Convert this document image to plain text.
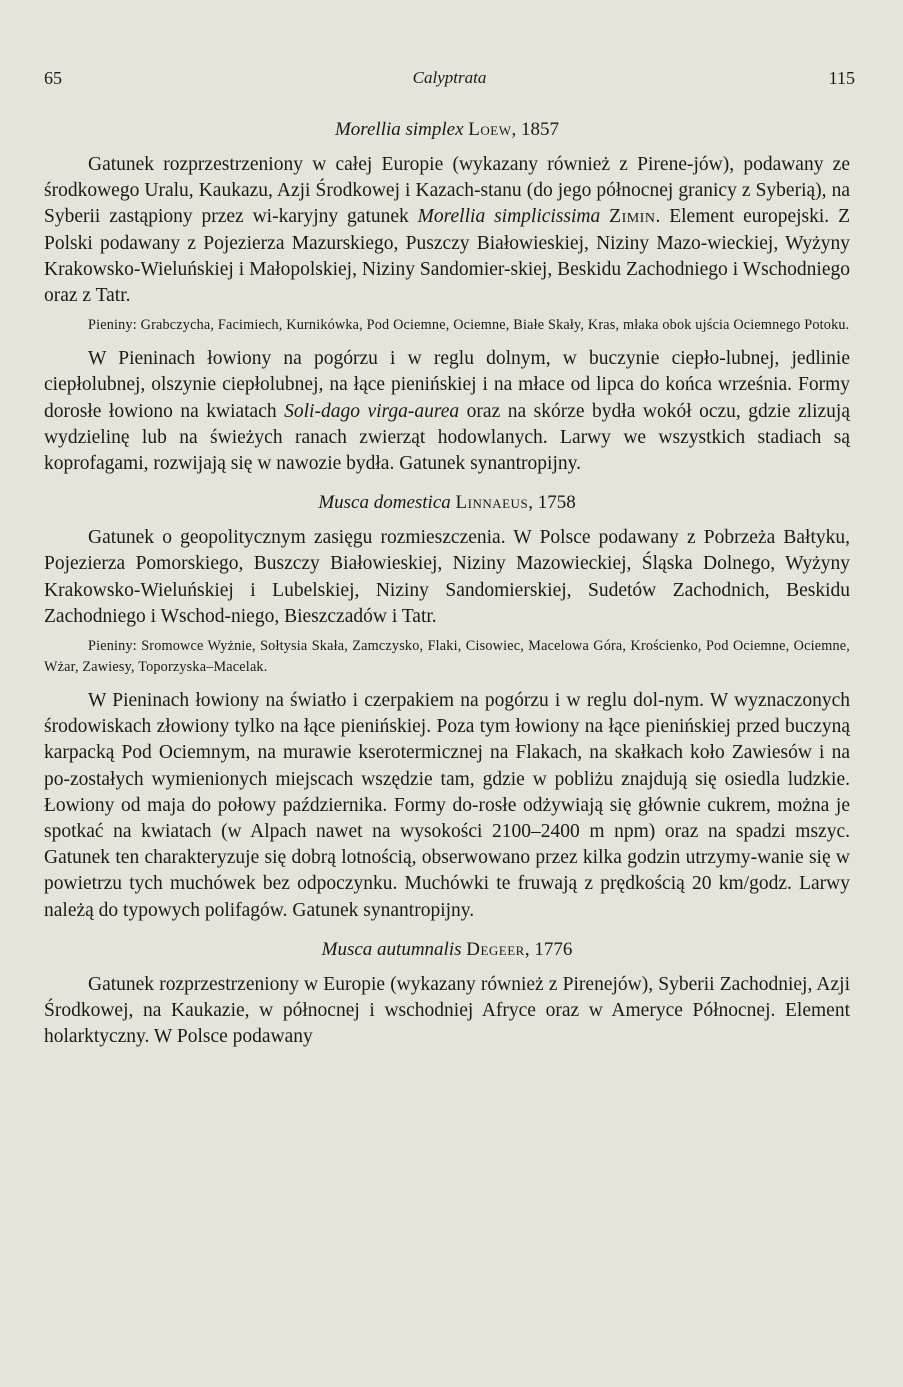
65	Calyptrata	115
Morellia simplex Loew, 1857

Gatunek rozprzestrzeniony w całej Europie (wykazany również z Pirene-jów), podawany ze środkowego Uralu, Kaukazu, Azji Środkowej i Kazach-stanu (do jego północnej granicy z Syberią), na Syberii zastąpiony przez wi-karyjny gatunek Morellia simplicissima Zimin. Element europejski. Z Polski podawany z Pojezierza Mazurskiego, Puszczy Białowieskiej, Niziny Mazo-wieckiej, Wyżyny Krakowsko-Wieluńskiej i Małopolskiej, Niziny Sandomier-skiej, Beskidu Zachodniego i Wschodniego oraz z Tatr.

Pieniny: Grabczycha, Facimiech, Kurnikówka, Pod Ociemne, Ociemne, Białe Skały, Kras, młaka obok ujścia Ociemnego Potoku.

W Pieninach łowiony na pogórzu i w reglu dolnym, w buczynie ciepło-lubnej, jedlinie ciepłolubnej, olszynie ciepłolubnej, na łące pienińskiej i na młace od lipca do końca września. Formy dorosłe łowiono na kwiatach Soli-dago virga-aurea oraz na skórze bydła wokół oczu, gdzie zlizują wydzielinę lub na świeżych ranach zwierząt hodowlanych. Larwy we wszystkich stadiach są koprofagami, rozwijają się w nawozie bydła. Gatunek synantropijny.

Musca domestica Linnaeus, 1758

Gatunek o geopolitycznym zasięgu rozmieszczenia. W Polsce podawany z Pobrzeża Bałtyku, Pojezierza Pomorskiego, Buszczy Białowieskiej, Niziny Mazowieckiej, Śląska Dolnego, Wyżyny Krakowsko-Wieluńskiej i Lubelskiej, Niziny Sandomierskiej, Sudetów Zachodnich, Beskidu Zachodniego i Wschod-niego, Bieszczadów i Tatr.

Pieniny: Sromowce Wyżnie, Sołtysia Skała, Zamczysko, Flaki, Cisowiec, Macelowa Góra, Krościenko, Pod Ociemne, Ociemne, Wżar, Zawiesy, Toporzyska–Macelak.

W Pieninach łowiony na światło i czerpakiem na pogórzu i w reglu dol-nym. W wyznaczonych środowiskach złowiony tylko na łące pienińskiej. Poza tym łowiony na łące pienińskiej przed buczyną karpacką Pod Ociemnym, na murawie kserotermicznej na Flakach, na skałkach koło Zawiesów i na po-zostałych wymienionych miejscach wszędzie tam, gdzie w pobliżu znajdują się osiedla ludzkie. Łowiony od maja do połowy października. Formy do-rosłe odżywiają się głównie cukrem, można je spotkać na kwiatach (w Alpach nawet na wysokości 2100–2400 m npm) oraz na spadzi mszyc. Gatunek ten charakteryzuje się dobrą lotnością, obserwowano przez kilka godzin utrzymy-wanie się w powietrzu tych muchówek bez odpoczynku. Muchówki te fruwają z prędkością 20 km/godz. Larwy należą do typowych polifagów. Gatunek synantropijny.

Musca autumnalis Degeer, 1776

Gatunek rozprzestrzeniony w Europie (wykazany również z Pirenejów), Syberii Zachodniej, Azji Środkowej, na Kaukazie, w północnej i wschodniej Afryce oraz w Ameryce Północnej. Element holarktyczny. W Polsce podawany
